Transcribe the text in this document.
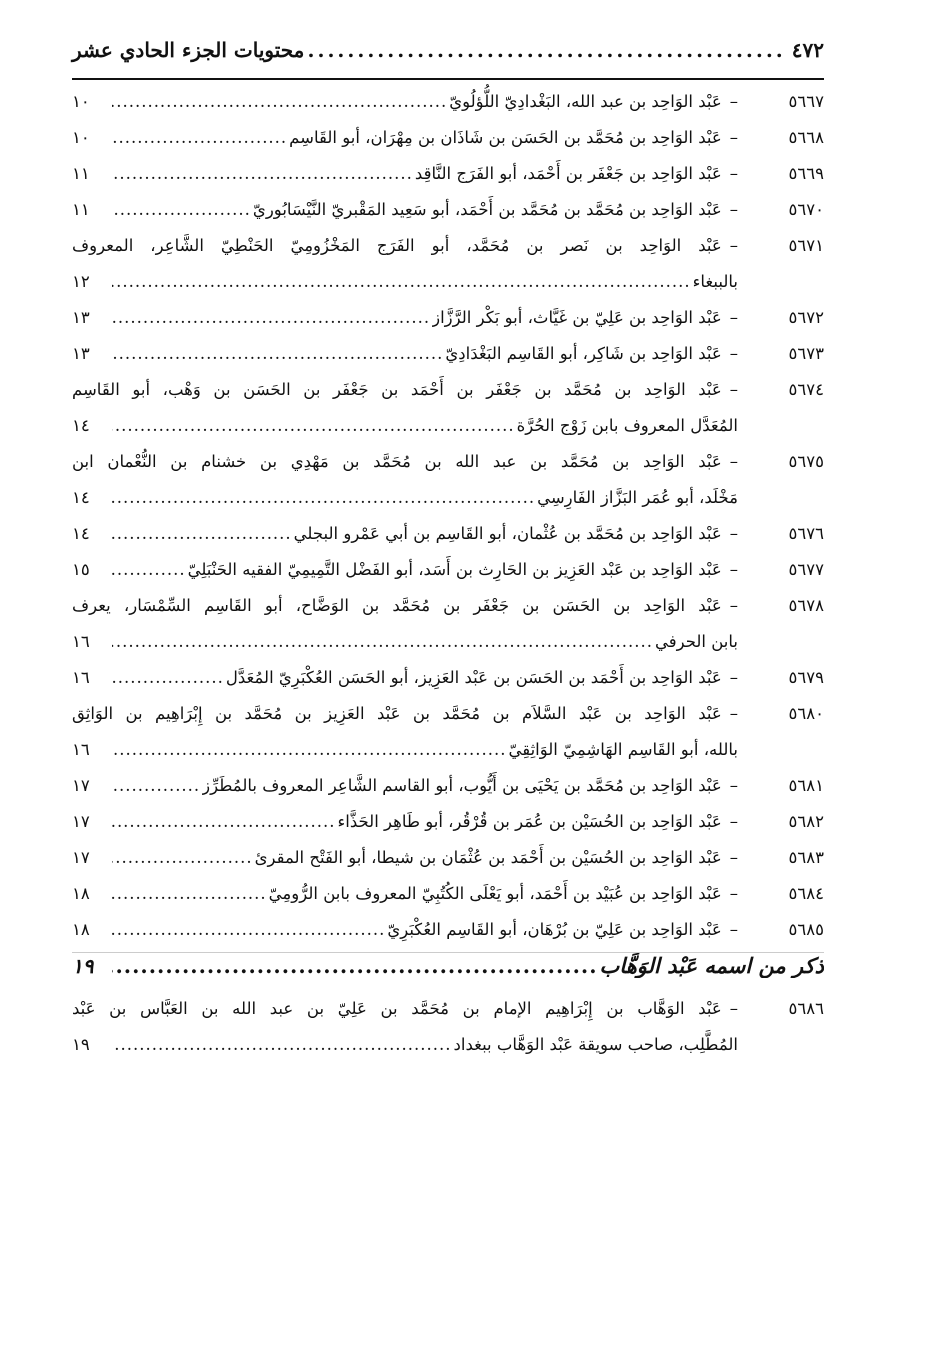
٤٧٢
.....
محتويات الجزء الحادي عشر
٥٦٦٧
–
عَبْد الوَاحِد بن عبد الله، البَغْدادِيّ اللُّؤلُويّ
.....
١٠
٥٦٦٨
–
عَبْد الوَاحِد بن مُحَمَّد بن الحَسَن بن شَاذَان بن مِهْرَان، أبو القَاسِم
.....
١٠
٥٦٦٩
–
عَبْد الوَاحِد بن جَعْفَر بن أَحْمَد، أبو الفَرَج النَّاقِد
.....
١١
٥٦٧٠
–
عَبْد الوَاحِد بن مُحَمَّد بن مُحَمَّد بن أَحْمَد، أبو سَعِيد المَقْبريّ النَّيْسَابُوريّ
.....
١١
٥٦٧١
–
عَبْد الوَاحِد بن نَصر بن مُحَمَّد، أبو الفَرَج المَخْزُومِيّ الحَنْطِيّ الشَّاعِر، المعروف
بالببغاء
.....
١٢
٥٦٧٢
–
عَبْد الوَاحِد بن عَلِيّ بن غَيَّاث، أبو بَكْر الرَّزَّاز
.....
١٣
٥٦٧٣
–
عَبْد الوَاحِد بن شَاكِر، أبو القَاسِم البَغْدَادِيّ
.....
١٣
٥٦٧٤
–
عَبْد الوَاحِد بن مُحَمَّد بن جَعْفَر بن أَحْمَد بن جَعْفَر بن الحَسَن بن وَهْب، أبو القَاسِم
المُعَدَّل المعروف بابن زَوْج الحُرَّة
.....
١٤
٥٦٧٥
–
عَبْد الوَاحِد بن مُحَمَّد بن عبد الله بن مُحَمَّد بن مَهْدِي بن خشنام بن النُّعْمان ابن
مَخْلَد، أبو عُمَر البَزَّاز الفَارِسِي
.....
١٤
٥٦٧٦
–
عَبْد الوَاحِد بن مُحَمَّد بن عُثْمان، أبو القَاسِم بن أبي عَمْرو البجلي
.....
١٤
٥٦٧٧
–
عَبْد الوَاحِد بن عَبْد العَزِيز بن الحَارِث بن أَسَد، أبو الفَضْل التَّمِيمِيّ الفقيه الحَنْبَلِيّ
.....
١٥
٥٦٧٨
–
عَبْد الوَاحِد بن الحَسَن بن جَعْفَر بن مُحَمَّد بن الوَضَّاح، أبو القَاسِم السِّمْسَار، يعرف
بابن الحرفي
.....
١٦
٥٦٧٩
–
عَبْد الوَاحِد بن أَحْمَد بن الحَسَن بن عَبْد العَزِيز، أبو الحَسَن العُكْبَرِيّ المُعَدَّل
.....
١٦
٥٦٨٠
–
عَبْد الوَاحِد بن عَبْد السَّلاَم بن مُحَمَّد بن عَبْد العَزِيز بن مُحَمَّد بن إِبْرَاهِيم بن الوَاثِق
بالله، أبو القَاسِم الهَاشِمِيّ الوَاثِقِيّ
.....
١٦
٥٦٨١
–
عَبْد الوَاحِد بن مُحَمَّد بن يَحْيَى بن أَيُّوب، أبو القاسم الشَّاعِر المعروف بالمُطَرِّز
.....
١٧
٥٦٨٢
–
عَبْد الوَاحِد بن الحُسَيْن بن عُمَر بن قُرْقُر، أبو طَاهِر الحَذَّاء
.....
١٧
٥٦٨٣
–
عَبْد الوَاحِد بن الحُسَيْن بن أَحْمَد بن عُثْمَان بن شيطا، أبو الفَتْح المقرئ
.....
١٧
٥٦٨٤
–
عَبْد الوَاحِد بن عُبَيْد بن أَحْمَد، أبو يَعْلَى الكُتُبِيّ المعروف بابن الرُّومِيّ
.....
١٨
٥٦٨٥
–
عَبْد الوَاحِد بن عَلِيّ بن بُرْهَان، أبو القَاسِم العُكْبَرِيّ
.....
١٨
ذكر من اسمه عَبْد الوَهَّاب
.....
١٩
٥٦٨٦
–
عَبْد الوَهَّاب بن إِبْرَاهِيم الإمام بن مُحَمَّد بن عَلِيّ بن عبد الله بن العَبَّاس بن عَبْد
المُطَّلِب، صاحب سويقة عَبْد الوَهَّاب ببغداد
.....
١٩
